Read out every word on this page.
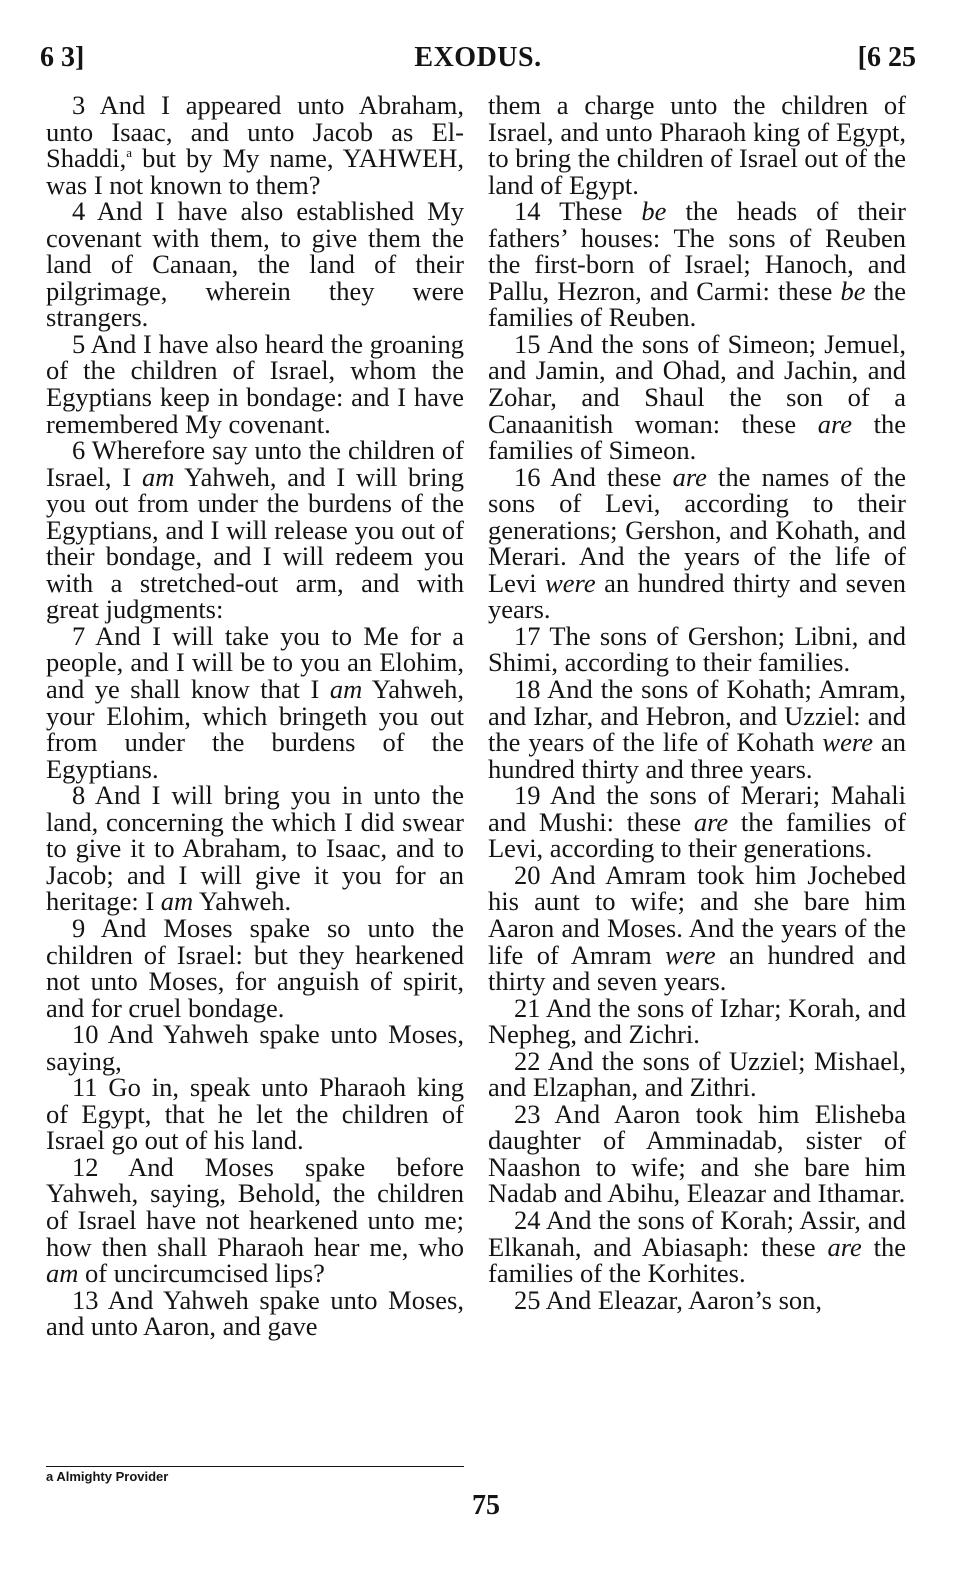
6 3]	EXODUS.	[6 25

3 And I appeared unto Abraham, unto Isaac, and unto Jacob as El-Shaddi,$^a$ but by My name, YAHWEH, was I not known to them?

4 And I have also established My covenant with them, to give them the land of Canaan, the land of their pilgrimage, wherein they were strangers.

5 And I have also heard the groaning of the children of Israel, whom the Egyptians keep in bondage: and I have remembered My covenant.

6 Wherefore say unto the children of Israel, I am Yahweh, and I will bring you out from under the burdens of the Egyptians, and I will release you out of their bondage, and I will redeem you with a stretched-out arm, and with great judgments:

7 And I will take you to Me for a people, and I will be to you an Elohim, and ye shall know that I am Yahweh, your Elohim, which bringeth you out from under the burdens of the Egyptians.

8 And I will bring you in unto the land, concerning the which I did swear to give it to Abraham, to Isaac, and to Jacob; and I will give it you for an heritage: I am Yahweh.

9 And Moses spake so unto the children of Israel: but they hearkened not unto Moses, for anguish of spirit, and for cruel bondage.

10 And Yahweh spake unto Moses, saying,

11 Go in, speak unto Pharaoh king of Egypt, that he let the children of Israel go out of his land.

12 And Moses spake before Yahweh, saying, Behold, the children of Israel have not hearkened unto me; how then shall Pharaoh hear me, who am of uncircumcised lips?

13 And Yahweh spake unto Moses, and unto Aaron, and gave

them a charge unto the children of Israel, and unto Pharaoh king of Egypt, to bring the children of Israel out of the land of Egypt.

14 These be the heads of their fathers’ houses: The sons of Reuben the first-born of Israel; Hanoch, and Pallu, Hezron, and Carmi: these be the families of Reuben.

15 And the sons of Simeon; Jemuel, and Jamin, and Ohad, and Jachin, and Zohar, and Shaul the son of a Canaanitish woman: these are the families of Simeon.

16 And these are the names of the sons of Levi, according to their generations; Gershon, and Kohath, and Merari. And the years of the life of Levi were an hundred thirty and seven years.

17 The sons of Gershon; Libni, and Shimi, according to their families.

18 And the sons of Kohath; Amram, and Izhar, and Hebron, and Uzziel: and the years of the life of Kohath were an hundred thirty and three years.

19 And the sons of Merari; Mahali and Mushi: these are the families of Levi, according to their generations.

20 And Amram took him Jochebed his aunt to wife; and she bare him Aaron and Moses. And the years of the life of Amram were an hundred and thirty and seven years.

21 And the sons of Izhar; Korah, and Nepheg, and Zichri.

22 And the sons of Uzziel; Mishael, and Elzaphan, and Zithri.

23 And Aaron took him Elisheba daughter of Amminadab, sister of Naashon to wife; and she bare him Nadab and Abihu, Eleazar and Ithamar.

24 And the sons of Korah; Assir, and Elkanah, and Abiasaph: these are the families of the Korhites.

25 And Eleazar, Aaron’s son,

a Almighty Provider
75
